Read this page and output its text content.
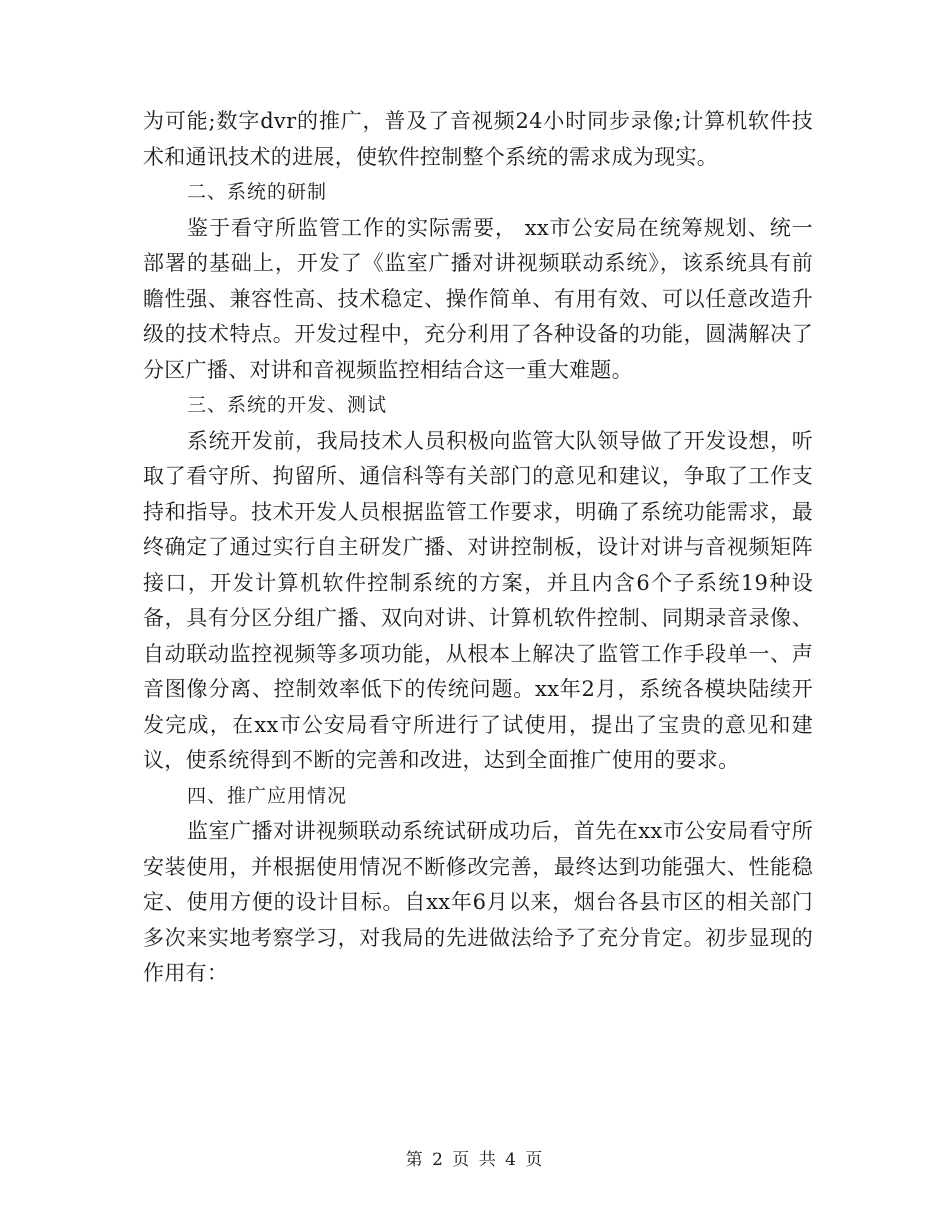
为可能;数字dvr的推广，普及了音视频24小时同步录像;计算机软件技术和通讯技术的进展，使软件控制整个系统的需求成为现实。

二、系统的研制

鉴于看守所监管工作的实际需要， xx市公安局在统筹规划、统一部署的基础上，开发了《监室广播对讲视频联动系统》，该系统具有前瞻性强、兼容性高、技术稳定、操作简单、有用有效、可以任意改造升级的技术特点。开发过程中，充分利用了各种设备的功能，圆满解决了分区广播、对讲和音视频监控相结合这一重大难题。

三、系统的开发、测试

系统开发前，我局技术人员积极向监管大队领导做了开发设想，听取了看守所、拘留所、通信科等有关部门的意见和建议，争取了工作支持和指导。技术开发人员根据监管工作要求，明确了系统功能需求，最终确定了通过实行自主研发广播、对讲控制板，设计对讲与音视频矩阵接口，开发计算机软件控制系统的方案，并且内含6个子系统19种设备，具有分区分组广播、双向对讲、计算机软件控制、同期录音录像、自动联动监控视频等多项功能，从根本上解决了监管工作手段单一、声音图像分离、控制效率低下的传统问题。xx年2月，系统各模块陆续开发完成，在xx市公安局看守所进行了试使用，提出了宝贵的意见和建议，使系统得到不断的完善和改进，达到全面推广使用的要求。

四、推广应用情况

监室广播对讲视频联动系统试研成功后，首先在xx市公安局看守所安装使用，并根据使用情况不断修改完善，最终达到功能强大、性能稳定、使用方便的设计目标。自xx年6月以来，烟台各县市区的相关部门多次来实地考察学习，对我局的先进做法给予了充分肯定。初步显现的作用有：

第 2 页 共 4 页
